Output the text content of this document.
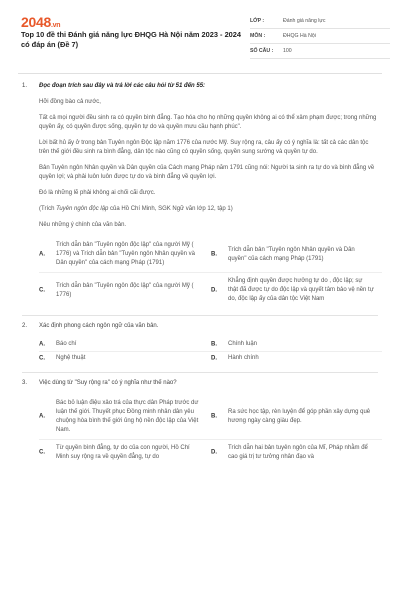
2048.vn
Top 10 đề thi Đánh giá năng lực ĐHQG Hà Nội năm 2023 - 2024 có đáp án (Đề 7)
LỚP :	Đánh giá năng lực
MÔN :	ĐHQG Hà Nội
SỐ CÂU :	100
1. Đọc đoạn trích sau đây và trả lời các câu hỏi từ 51 đến 55:

Hỡi đồng bào cả nước,

Tất cả mọi người đều sinh ra có quyền bình đẳng. Tạo hóa cho họ những quyền không ai có thể xâm phạm được; trong những quyền ấy, có quyền được sống, quyền tự do và quyền mưu cầu hạnh phúc".

Lời bất hủ ấy ở trong bản Tuyên ngôn Độc lập năm 1776 của nước Mỹ. Suy rộng ra, câu ấy có ý nghĩa là: tất cả các dân tộc trên thế giới đều sinh ra bình đẳng, dân tộc nào cũng có quyền sống, quyền sung sướng và quyền tự do.

Bản Tuyên ngôn Nhân quyền và Dân quyền của Cách mạng Pháp năm 1791 cũng nói: Người ta sinh ra tự do và bình đẳng về quyền lợi; và phải luôn luôn được tự do và bình đẳng về quyền lợi.

Đó là những lẽ phải không ai chối cãi được.

(Trích Tuyên ngôn độc lập của Hồ Chí Minh, SGK Ngữ văn lớp 12, tập 1)

Nêu những ý chính của văn bản.

A.
Trích dẫn bản "Tuyên ngôn độc lập" của người Mỹ ( 1776) và Trích dẫn bản "Tuyên ngôn Nhân quyền và Dân quyền" của cách mạng Pháp (1791)
B.
Trích dẫn bản "Tuyên ngôn Nhân quyền và Dân quyền" của cách mạng Pháp (1791)
C.
Trích dẫn bản "Tuyên ngôn độc lập" của người Mỹ ( 1776)
D.
Khẳng định quyền được hưởng tự do , độc lập; sự thật đã được tự do độc lập và quyết tâm bảo vệ nền tự do, độc lập ấy của dân tộc Việt Nam
2. Xác định phong cách ngôn ngữ của văn bản.

A. Báo chí	B. Chính luận
C. Nghệ thuật	D. Hành chính
3. Việc dùng từ "Suy rộng ra" có ý nghĩa như thế nào?

A.
Bác bỏ luận điệu xảo trá của thực dân Pháp trước dư luận thế giới. Thuyết phục Đồng minh nhân dân yêu chuộng hòa bình thế giới ủng hộ nền độc lập của Việt Nam.
B.
Ra sức học tập, rèn luyện để góp phần xây dựng quê hương ngày càng giàu đẹp.
C.
Từ quyền bình đẳng, tự do của con người, Hồ Chí Minh suy rộng ra về quyền đẳng, tự do
D.
Trích dẫn hai bản tuyên ngôn của Mĩ, Pháp nhằm để cao giá trị tư tưởng nhân đạo và
